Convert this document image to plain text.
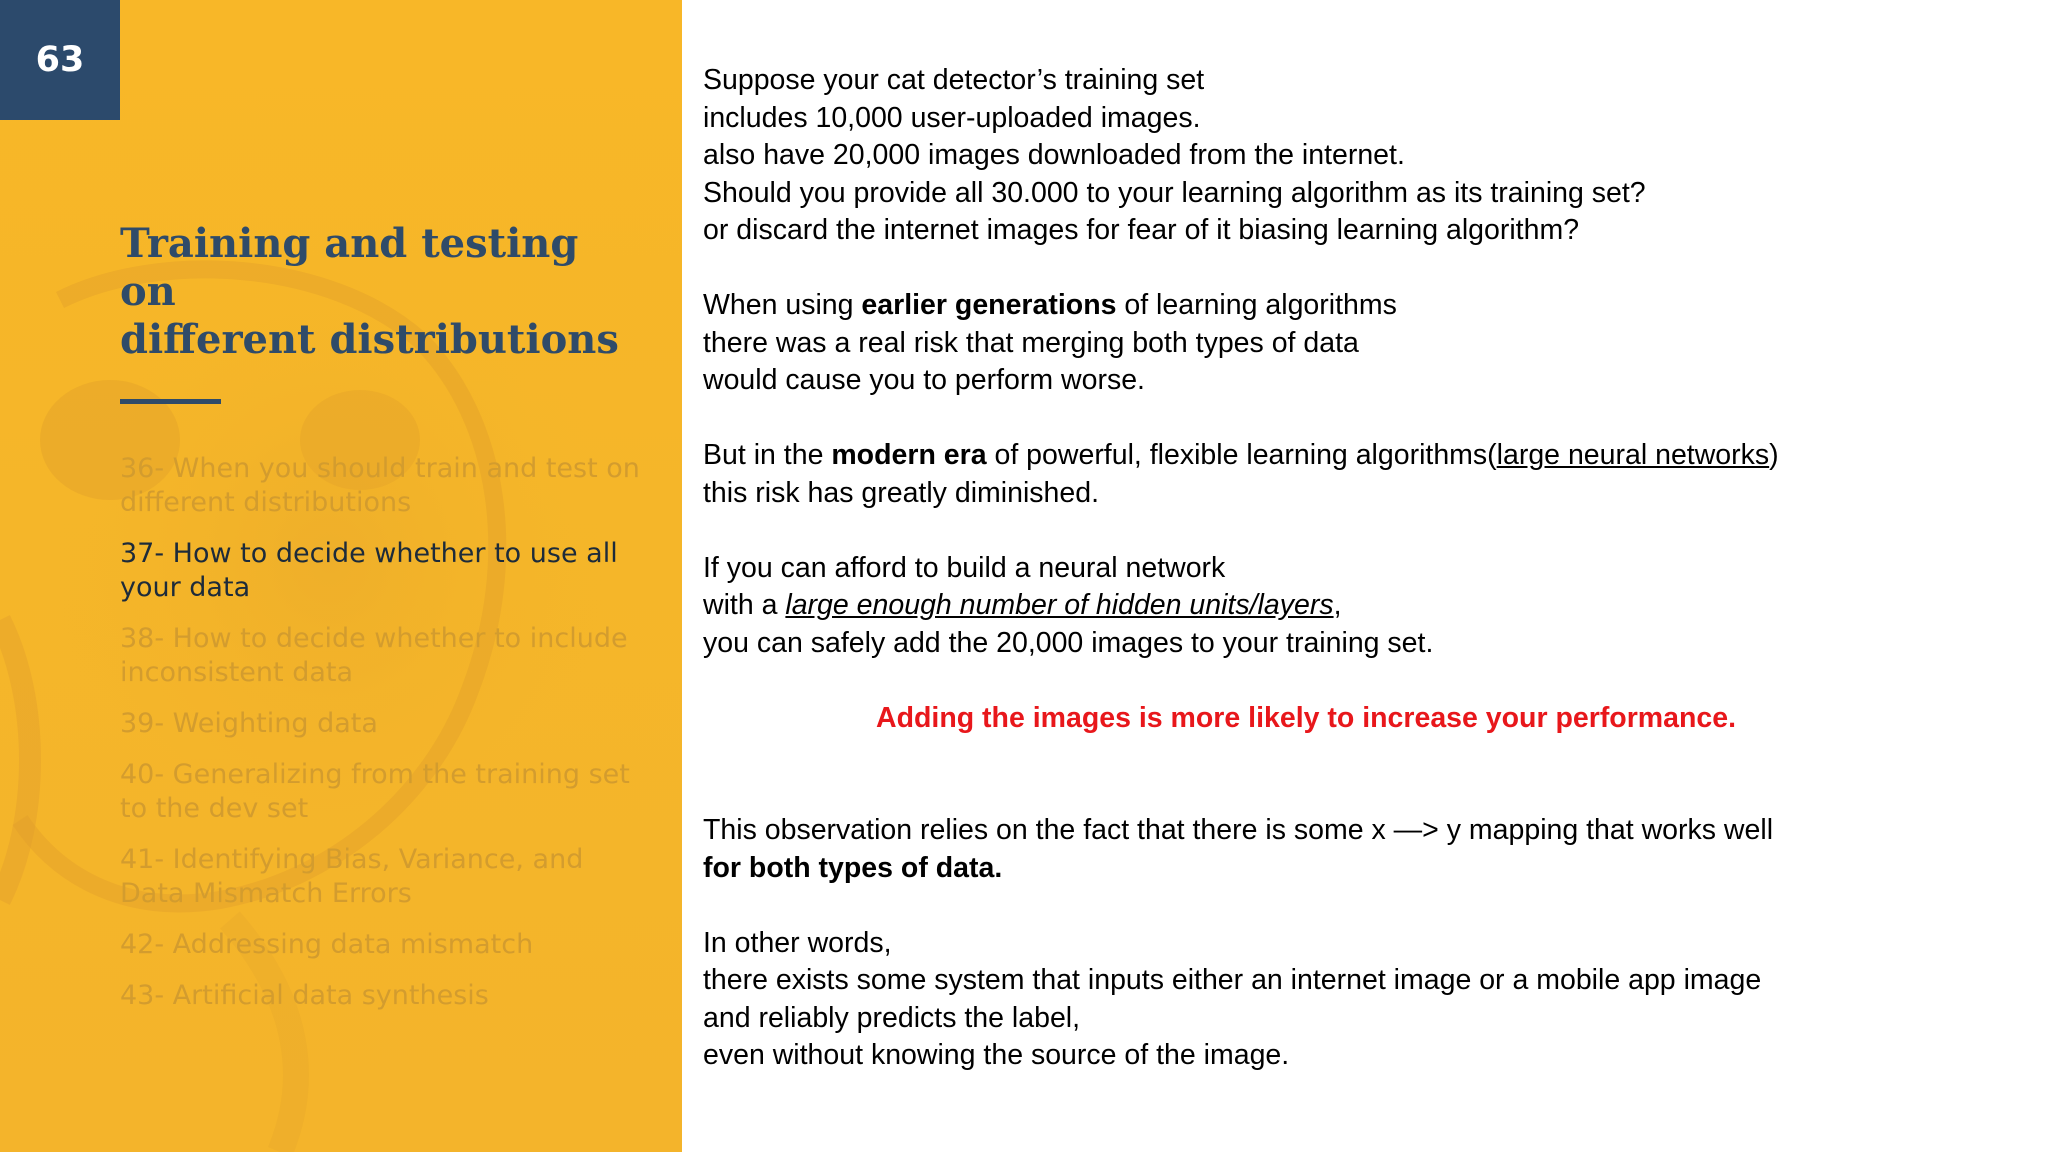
63
Training and testing
on
different distributions
36- When you should train and test on different distributions
37- How to decide whether to use all your data
38- How to decide whether to include inconsistent data
39- Weighting data
40- Generalizing from the training set to the dev set
41- Identifying Bias, Variance, and Data Mismatch Errors
42- Addressing data mismatch
43- Artificial data synthesis

Suppose your cat detector’s training set
includes 10,000 user-uploaded images.
also have 20,000 images downloaded from the internet.
Should you provide all 30.000 to your learning algorithm as its training set?
or discard the internet images for fear of it biasing learning algorithm?

When using earlier generations of learning algorithms
there was a real risk that merging both types of data
would cause you to perform worse.

But in the modern era of powerful, flexible learning algorithms(large neural networks)
this risk has greatly diminished.

If you can afford to build a neural network
with a large enough number of hidden units/layers,
you can safely add the 20,000 images to your training set.

Adding the images is more likely to increase your performance.

This observation relies on the fact that there is some x —> y mapping that works well
for both types of data.

In other words,
there exists some system that inputs either an internet image or a mobile app image
and reliably predicts the label,
even without knowing the source of the image.
